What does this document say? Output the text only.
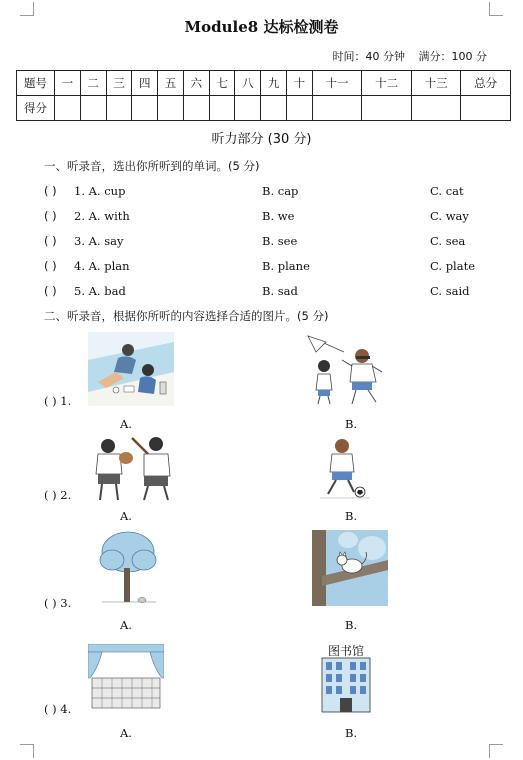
Module8 达标检测卷
时间：40 分钟 满分：100 分
题号	一	二	三	四	五	六	七	八	九	十	十一	十二	十三	总分
得分														
听力部分 (30 分)
一、听录音，选出你所听到的单词。(5 分)
( ) 1. A. cup	B. cap	C. cat
( ) 2. A. with	B. we	C. way
( ) 3. A. say	B. see	C. sea
( ) 4. A. plan	B. plane	C. plate
( ) 5. A. bad	B. sad	C. said
二、听录音，根据你所听的内容选择合适的图片。(5 分)
( ) 1.
A.	B.
( ) 2.
A.	B.
( ) 3.
A.	B.
( ) 4.
A.
图书馆
B.
